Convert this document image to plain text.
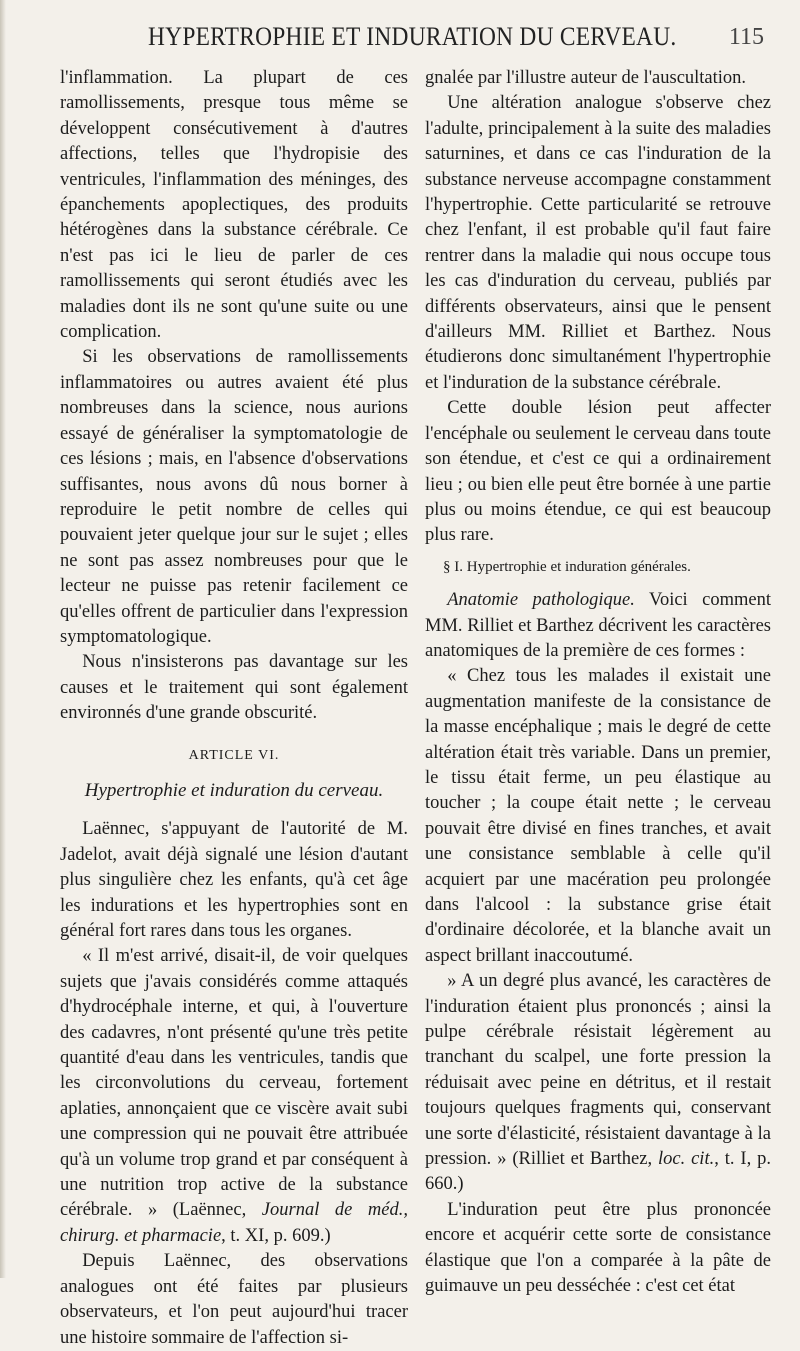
HYPERTROPHIE ET INDURATION DU CERVEAU. 115

l'inflammation. La plupart de ces ramollissements, presque tous même se développent consécutivement à d'autres affections, telles que l'hydropisie des ventricules, l'inflammation des méninges, des épanchements apoplectiques, des produits hétérogènes dans la substance cérébrale. Ce n'est pas ici le lieu de parler de ces ramollissements qui seront étudiés avec les maladies dont ils ne sont qu'une suite ou une complication.

Si les observations de ramollissements inflammatoires ou autres avaient été plus nombreuses dans la science, nous aurions essayé de généraliser la symptomatologie de ces lésions ; mais, en l'absence d'observations suffisantes, nous avons dû nous borner à reproduire le petit nombre de celles qui pouvaient jeter quelque jour sur le sujet ; elles ne sont pas assez nombreuses pour que le lecteur ne puisse pas retenir facilement ce qu'elles offrent de particulier dans l'expression symptomatologique.

Nous n'insisterons pas davantage sur les causes et le traitement qui sont également environnés d'une grande obscurité.

ARTICLE VI.

Hypertrophie et induration du cerveau.

Laënnec, s'appuyant de l'autorité de M. Jadelot, avait déjà signalé une lésion d'autant plus singulière chez les enfants, qu'à cet âge les indurations et les hypertrophies sont en général fort rares dans tous les organes.

« Il m'est arrivé, disait-il, de voir quelques sujets que j'avais considérés comme attaqués d'hydrocéphale interne, et qui, à l'ouverture des cadavres, n'ont présenté qu'une très petite quantité d'eau dans les ventricules, tandis que les circonvolutions du cerveau, fortement aplaties, annonçaient que ce viscère avait subi une compression qui ne pouvait être attribuée qu'à un volume trop grand et par conséquent à une nutrition trop active de la substance cérébrale. » (Laënnec, Journal de méd., chirurg. et pharmacie, t. XI, p. 609.)

Depuis Laënnec, des observations analogues ont été faites par plusieurs observateurs, et l'on peut aujourd'hui tracer une histoire sommaire de l'affection si-

gnalée par l'illustre auteur de l'auscultation.

Une altération analogue s'observe chez l'adulte, principalement à la suite des maladies saturnines, et dans ce cas l'induration de la substance nerveuse accompagne constamment l'hypertrophie. Cette particularité se retrouve chez l'enfant, il est probable qu'il faut faire rentrer dans la maladie qui nous occupe tous les cas d'induration du cerveau, publiés par différents observateurs, ainsi que le pensent d'ailleurs MM. Rilliet et Barthez. Nous étudierons donc simultanément l'hypertrophie et l'induration de la substance cérébrale.

Cette double lésion peut affecter l'encéphale ou seulement le cerveau dans toute son étendue, et c'est ce qui a ordinairement lieu ; ou bien elle peut être bornée à une partie plus ou moins étendue, ce qui est beaucoup plus rare.

§ I. Hypertrophie et induration générales.

Anatomie pathologique. Voici comment MM. Rilliet et Barthez décrivent les caractères anatomiques de la première de ces formes :

« Chez tous les malades il existait une augmentation manifeste de la consistance de la masse encéphalique ; mais le degré de cette altération était très variable. Dans un premier, le tissu était ferme, un peu élastique au toucher ; la coupe était nette ; le cerveau pouvait être divisé en fines tranches, et avait une consistance semblable à celle qu'il acquiert par une macération peu prolongée dans l'alcool : la substance grise était d'ordinaire décolorée, et la blanche avait un aspect brillant inaccoutumé.

» A un degré plus avancé, les caractères de l'induration étaient plus prononcés ; ainsi la pulpe cérébrale résistait légèrement au tranchant du scalpel, une forte pression la réduisait avec peine en détritus, et il restait toujours quelques fragments qui, conservant une sorte d'élasticité, résistaient davantage à la pression. » (Rilliet et Barthez, loc. cit., t. I, p. 660.)

L'induration peut être plus prononcée encore et acquérir cette sorte de consistance élastique que l'on a comparée à la pâte de guimauve un peu desséchée : c'est cet état
